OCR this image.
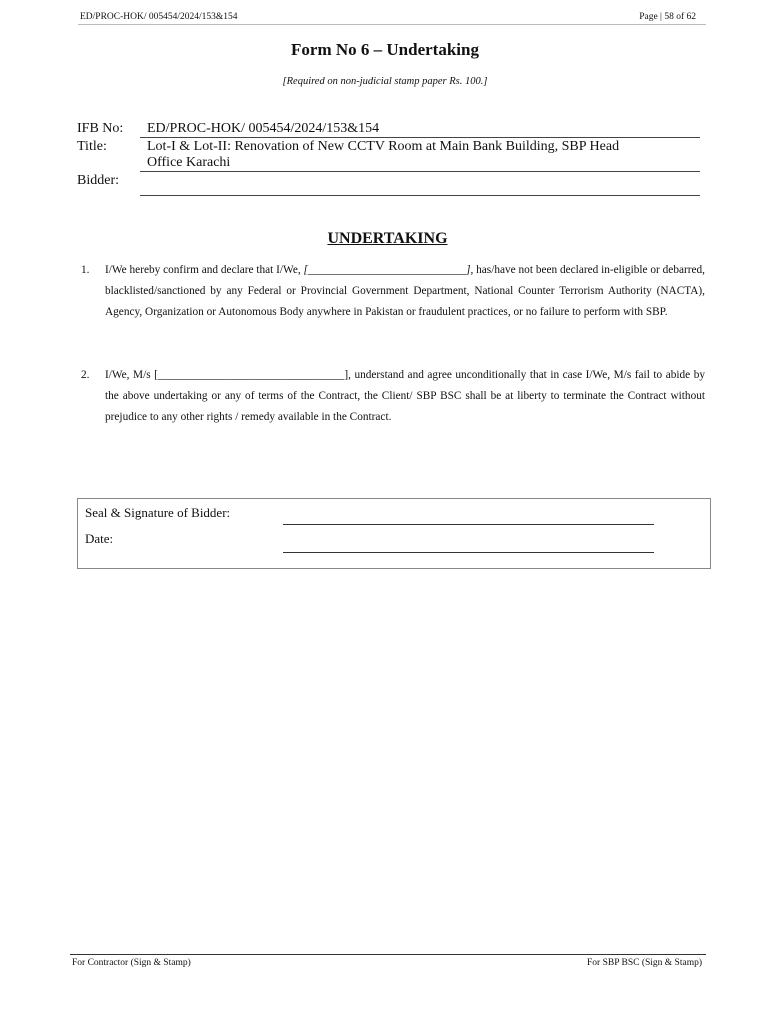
ED/PROC-HOK/ 005454/2024/153&154	Page | 58 of 62
Form No 6 – Undertaking
[Required on non-judicial stamp paper Rs. 100.]
IFB No: ED/PROC-HOK/ 005454/2024/153&154
Title:	Lot-I & Lot-II: Renovation of New CCTV Room at Main Bank Building, SBP Head
Office Karachi
Bidder:
UNDERTAKING
1. I/We hereby confirm and declare that I/We, [____________________________], has/have not been declared in-eligible or debarred, blacklisted/sanctioned by any Federal or Provincial Government Department, National Counter Terrorism Authority (NACTA), Agency, Organization or Autonomous Body anywhere in Pakistan or fraudulent practices, or no failure to perform with SBP.
2. I/We, M/s [_________________________________], understand and agree unconditionally that in case I/We, M/s fail to abide by the above undertaking or any of terms of the Contract, the Client/ SBP BSC shall be at liberty to terminate the Contract without prejudice to any other rights / remedy available in the Contract.
Seal & Signature of Bidder:
Date:
For Contractor (Sign & Stamp)	For SBP BSC (Sign & Stamp)
